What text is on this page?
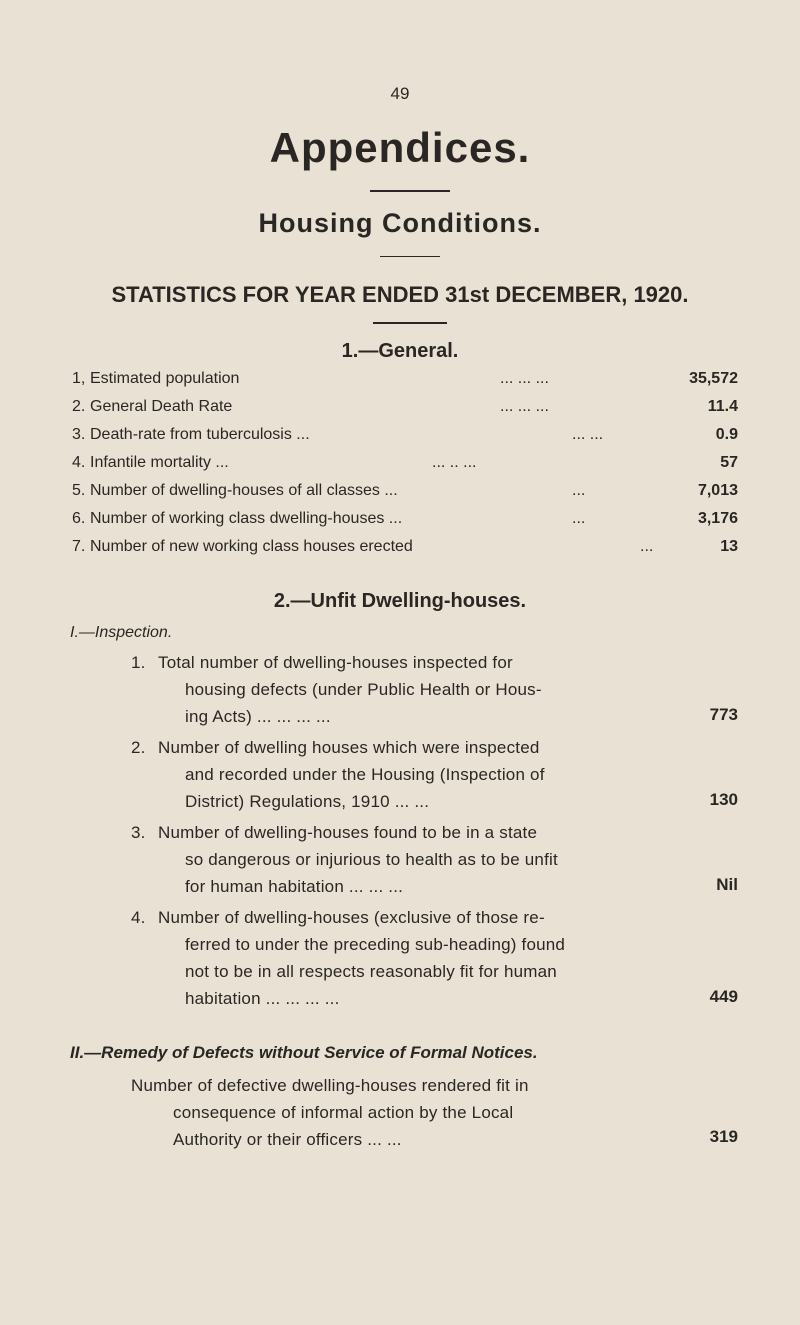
49
Appendices.
Housing Conditions.
STATISTICS FOR YEAR ENDED 31st DECEMBER, 1920.
1.—General.
1, Estimated population	... ... ...	35,572
2. General Death Rate	... ... ...	11.4
3. Death-rate from tuberculosis ...	... ...	0.9
4. Infantile mortality ...	... .. ...	57
5. Number of dwelling-houses of all classes ...	...	7,013
6. Number of working class dwelling-houses ...	...	3,176
7. Number of new working class houses erected	...	13
2.—Unfit Dwelling-houses.
I.—Inspection.
1. Total number of dwelling-houses inspected for
housing defects (under Public Health or Hous-
ing Acts) ... ... ... ...	773
2. Number of dwelling houses which were inspected
and recorded under the Housing (Inspection of
District) Regulations, 1910 ... ...	130
3. Number of dwelling-houses found to be in a state
so dangerous or injurious to health as to be unfit
for human habitation ... ... ...	Nil
4. Number of dwelling-houses (exclusive of those re-
ferred to under the preceding sub-heading) found
not to be in all respects reasonably fit for human
habitation ... ... ... ...	449
II.—Remedy of Defects without Service of Formal Notices.
Number of defective dwelling-houses rendered fit in
consequence of informal action by the Local
Authority or their officers ... ...	319
